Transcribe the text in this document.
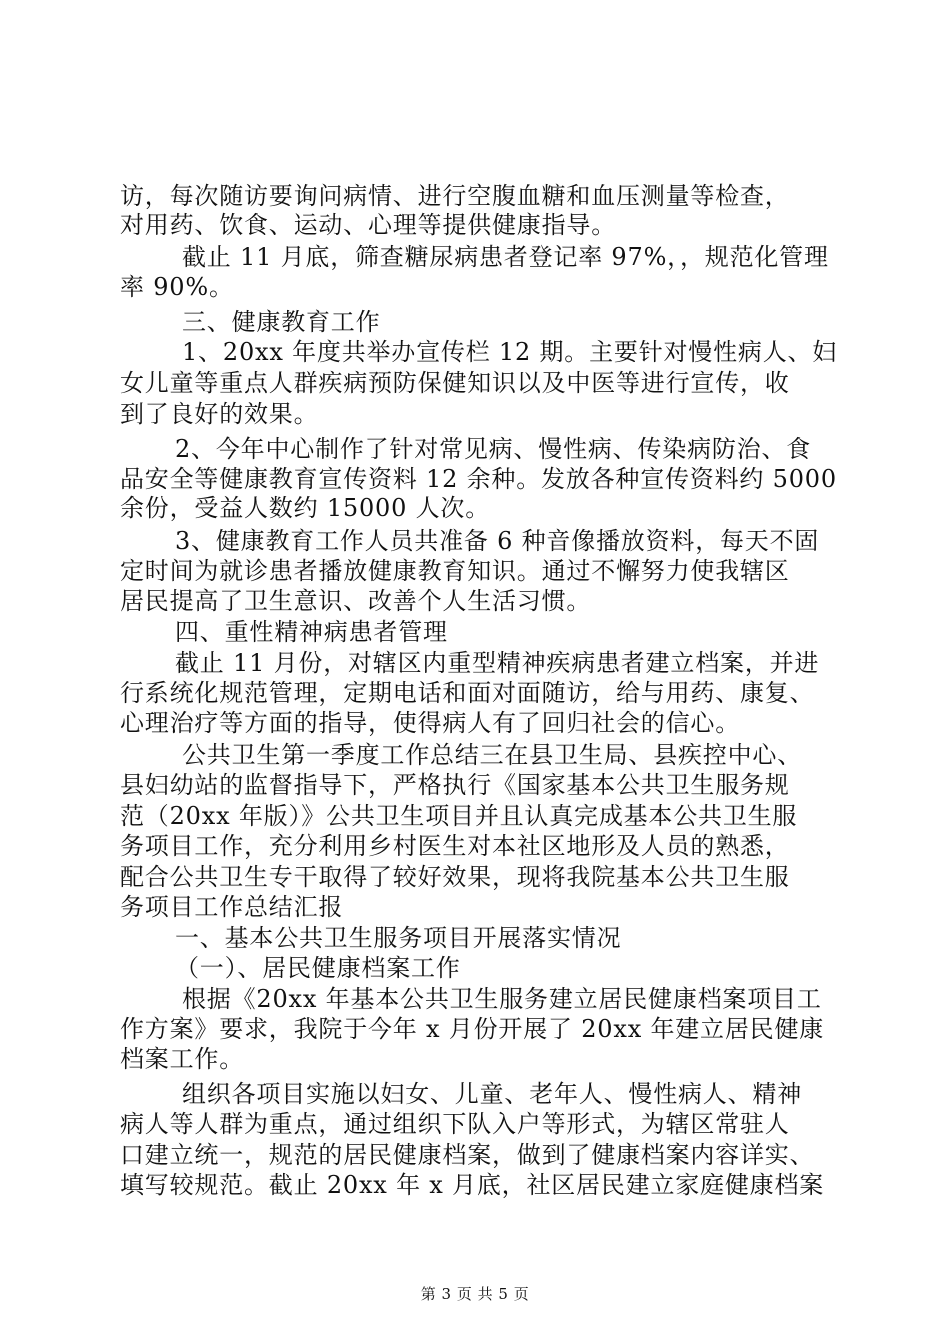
访，每次随访要询问病情、进行空腹血糖和血压测量等检查，
对用药、饮食、运动、心理等提供健康指导。
截止 11 月底，筛查糖尿病患者登记率 97%，，规范化管理
率 90%。
三、健康教育工作
1、20xx 年度共举办宣传栏 12 期。主要针对慢性病人、妇
女儿童等重点人群疾病预防保健知识以及中医等进行宣传，收
到了良好的效果。
2、今年中心制作了针对常见病、慢性病、传染病防治、食
品安全等健康教育宣传资料 12 余种。发放各种宣传资料约 5000
余份，受益人数约 15000 人次。
3、健康教育工作人员共准备 6 种音像播放资料，每天不固
定时间为就诊患者播放健康教育知识。通过不懈努力使我辖区
居民提高了卫生意识、改善个人生活习惯。
四、重性精神病患者管理
截止 11 月份，对辖区内重型精神疾病患者建立档案，并进
行系统化规范管理，定期电话和面对面随访，给与用药、康复、
心理治疗等方面的指导，使得病人有了回归社会的信心。
公共卫生第一季度工作总结三在县卫生局、县疾控中心、
县妇幼站的监督指导下，严格执行《国家基本公共卫生服务规
范（20xx 年版）》公共卫生项目并且认真完成基本公共卫生服
务项目工作，充分利用乡村医生对本社区地形及人员的熟悉，
配合公共卫生专干取得了较好效果，现将我院基本公共卫生服
务项目工作总结汇报
一、基本公共卫生服务项目开展落实情况
（一）、居民健康档案工作
根据《20xx 年基本公共卫生服务建立居民健康档案项目工
作方案》要求，我院于今年 x 月份开展了 20xx 年建立居民健康
档案工作。
组织各项目实施以妇女、儿童、老年人、慢性病人、精神
病人等人群为重点，通过组织下队入户等形式，为辖区常驻人
口建立统一，规范的居民健康档案，做到了健康档案内容详实、
填写较规范。截止 20xx 年 x 月底，社区居民建立家庭健康档案
第 3 页 共 5 页
